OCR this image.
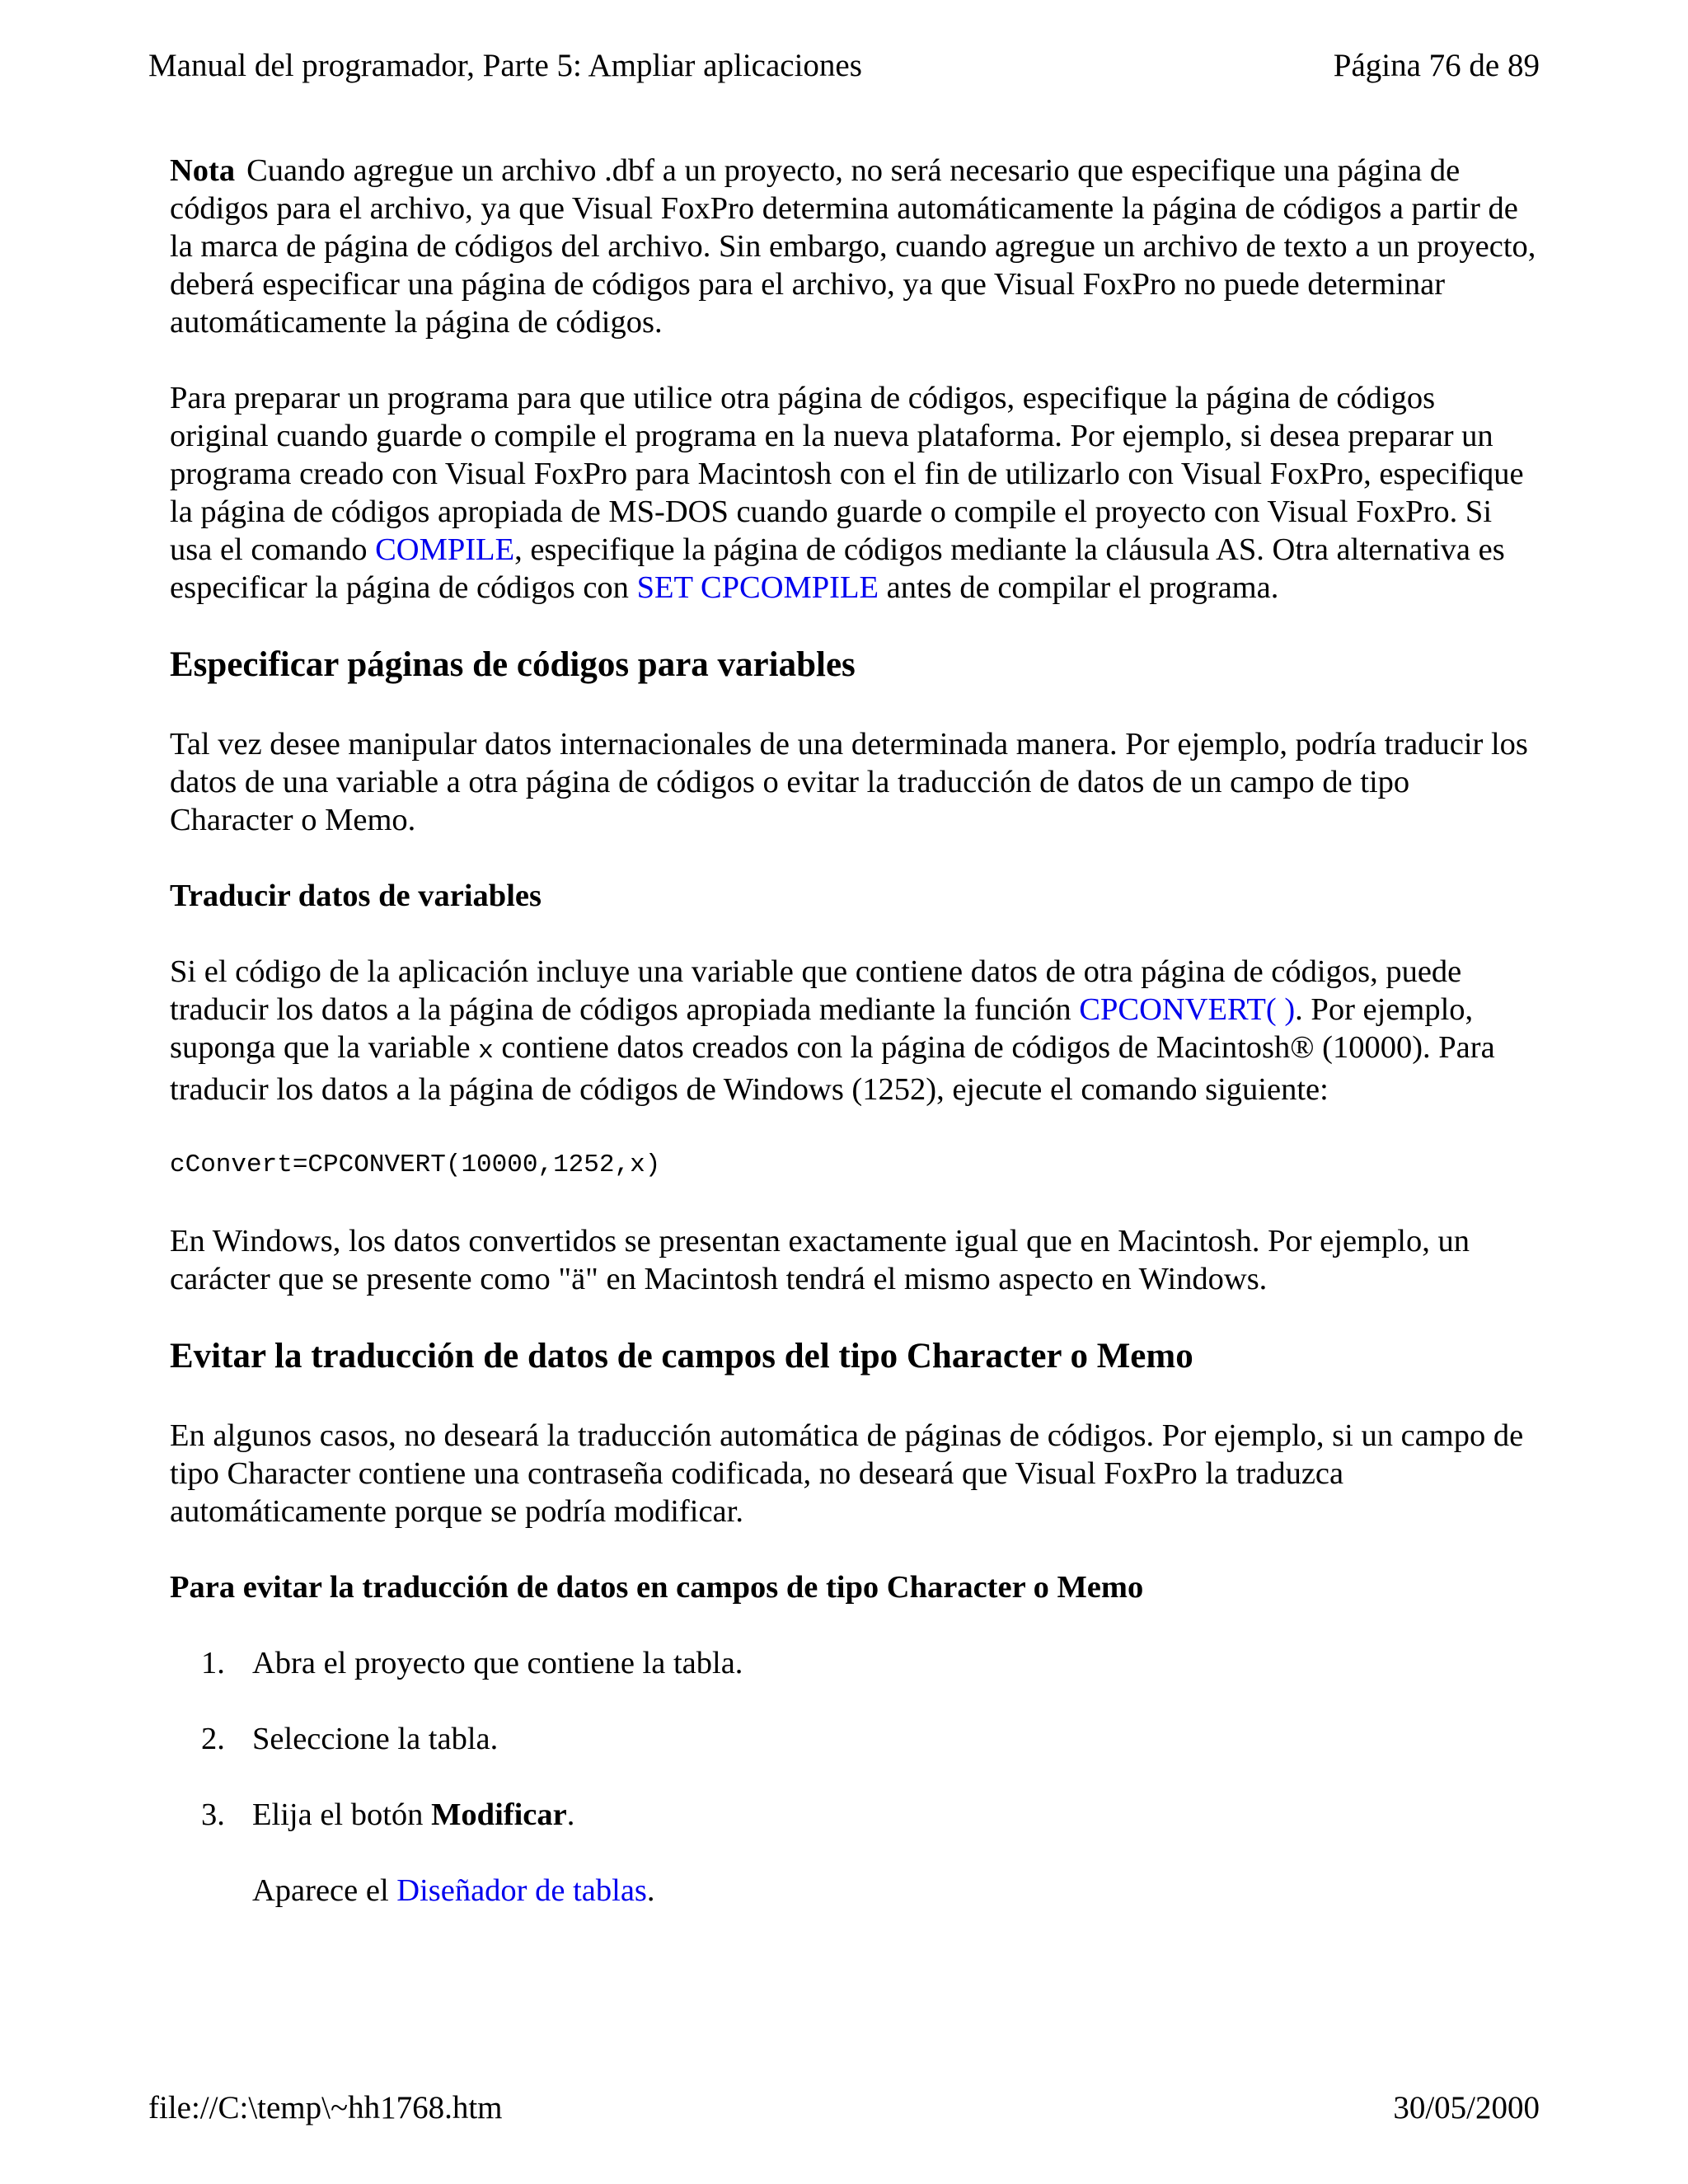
Manual del programador, Parte 5: Ampliar aplicaciones	Página 76 de 89

Nota Cuando agregue un archivo .dbf a un proyecto, no será necesario que especifique una página de códigos para el archivo, ya que Visual FoxPro determina automáticamente la página de códigos a partir de la marca de página de códigos del archivo. Sin embargo, cuando agregue un archivo de texto a un proyecto, deberá especificar una página de códigos para el archivo, ya que Visual FoxPro no puede determinar automáticamente la página de códigos.

Para preparar un programa para que utilice otra página de códigos, especifique la página de códigos original cuando guarde o compile el programa en la nueva plataforma. Por ejemplo, si desea preparar un programa creado con Visual FoxPro para Macintosh con el fin de utilizarlo con Visual FoxPro, especifique la página de códigos apropiada de MS-DOS cuando guarde o compile el proyecto con Visual FoxPro. Si usa el comando COMPILE, especifique la página de códigos mediante la cláusula AS. Otra alternativa es especificar la página de códigos con SET CPCOMPILE antes de compilar el programa.

Especificar páginas de códigos para variables

Tal vez desee manipular datos internacionales de una determinada manera. Por ejemplo, podría traducir los datos de una variable a otra página de códigos o evitar la traducción de datos de un campo de tipo Character o Memo.

Traducir datos de variables

Si el código de la aplicación incluye una variable que contiene datos de otra página de códigos, puede traducir los datos a la página de códigos apropiada mediante la función CPCONVERT( ). Por ejemplo, suponga que la variable x contiene datos creados con la página de códigos de Macintosh® (10000). Para traducir los datos a la página de códigos de Windows (1252), ejecute el comando siguiente:

cConvert=CPCONVERT(10000,1252,x)

En Windows, los datos convertidos se presentan exactamente igual que en Macintosh. Por ejemplo, un carácter que se presente como "ä" en Macintosh tendrá el mismo aspecto en Windows.

Evitar la traducción de datos de campos del tipo Character o Memo

En algunos casos, no deseará la traducción automática de páginas de códigos. Por ejemplo, si un campo de tipo Character contiene una contraseña codificada, no deseará que Visual FoxPro la traduzca automáticamente porque se podría modificar.

Para evitar la traducción de datos en campos de tipo Character o Memo
1. Abra el proyecto que contiene la tabla.
2. Seleccione la tabla.
3. Elija el botón Modificar.

Aparece el Diseñador de tablas.

file://C:\temp\~hh1768.htm	30/05/2000
